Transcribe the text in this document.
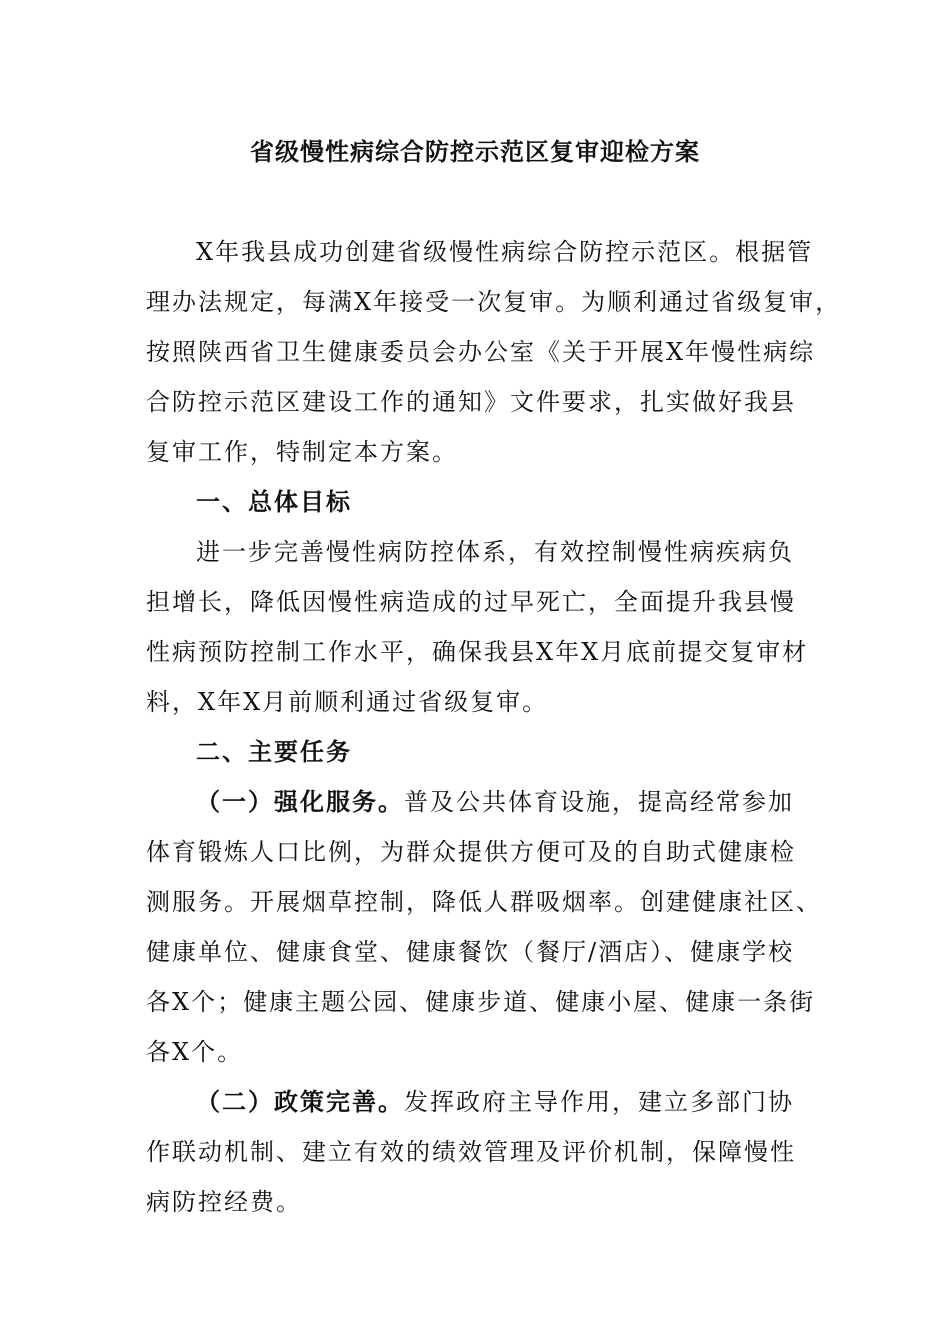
省级慢性病综合防控示范区复审迎检方案
X年我县成功创建省级慢性病综合防控示范区。根据管
理办法规定，每满X年接受一次复审。为顺利通过省级复审，
按照陕西省卫生健康委员会办公室《关于开展X年慢性病综
合防控示范区建设工作的通知》文件要求，扎实做好我县
复审工作，特制定本方案。
一、总体目标
进一步完善慢性病防控体系，有效控制慢性病疾病负
担增长，降低因慢性病造成的过早死亡，全面提升我县慢
性病预防控制工作水平，确保我县X年X月底前提交复审材
料，X年X月前顺利通过省级复审。
二、主要任务
（一）强化服务。普及公共体育设施，提高经常参加
体育锻炼人口比例，为群众提供方便可及的自助式健康检
测服务。开展烟草控制，降低人群吸烟率。创建健康社区、
健康单位、健康食堂、健康餐饮（餐厅/酒店）、健康学校
各X个；健康主题公园、健康步道、健康小屋、健康一条街
各X个。
（二）政策完善。发挥政府主导作用，建立多部门协
作联动机制、建立有效的绩效管理及评价机制，保障慢性
病防控经费。
